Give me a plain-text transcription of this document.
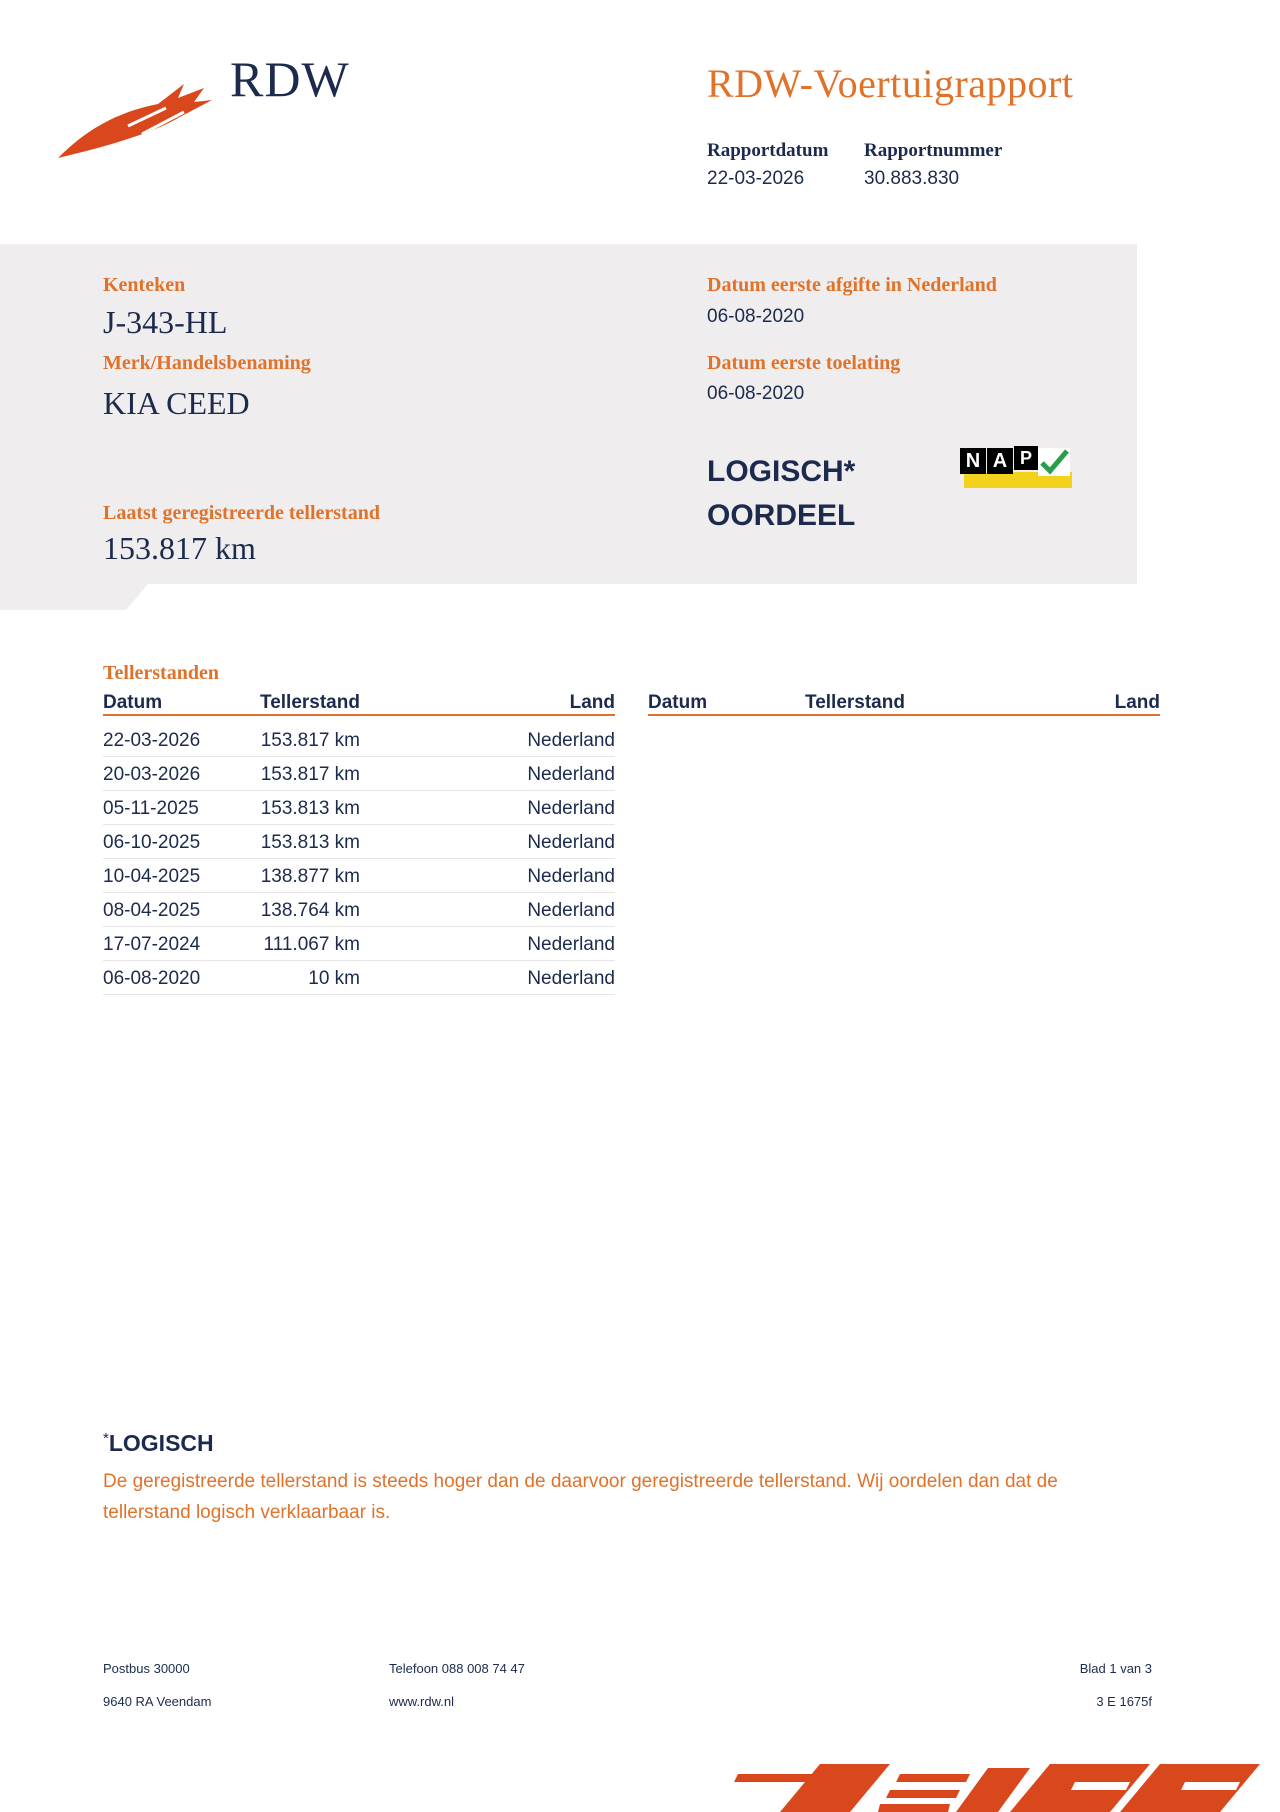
RDW	RDW-Voertuigrapport
Rapportdatum
22-03-2026
Rapportnummer
30.883.830
Kenteken
J-343-HL
Merk/Handelsbenaming
KIA CEED
Laatst geregistreerde tellerstand
153.817 km
Datum eerste afgifte in Nederland
06-08-2020
Datum eerste toelating
06-08-2020
LOGISCH*
OORDEEL
N A P
Tellerstanden
Datum	Tellerstand	Land Datum	Tellerstand	Land
22-03-2026	153.817 km	Nederland
20-03-2026	153.817 km	Nederland
05-11-2025	153.813 km	Nederland
06-10-2025	153.813 km	Nederland
10-04-2025	138.877 km	Nederland
08-04-2025	138.764 km	Nederland
17-07-2024	111.067 km	Nederland
06-08-2020	10 km	Nederland
*LOGISCH
De geregistreerde tellerstand is steeds hoger dan de daarvoor geregistreerde tellerstand. Wij oordelen dan dat de tellerstand logisch verklaarbaar is.
Postbus 30000
9640 RA Veendam
Telefoon 088 008 74 47
www.rdw.nl
Blad 1 van 3
3 E 1675f
